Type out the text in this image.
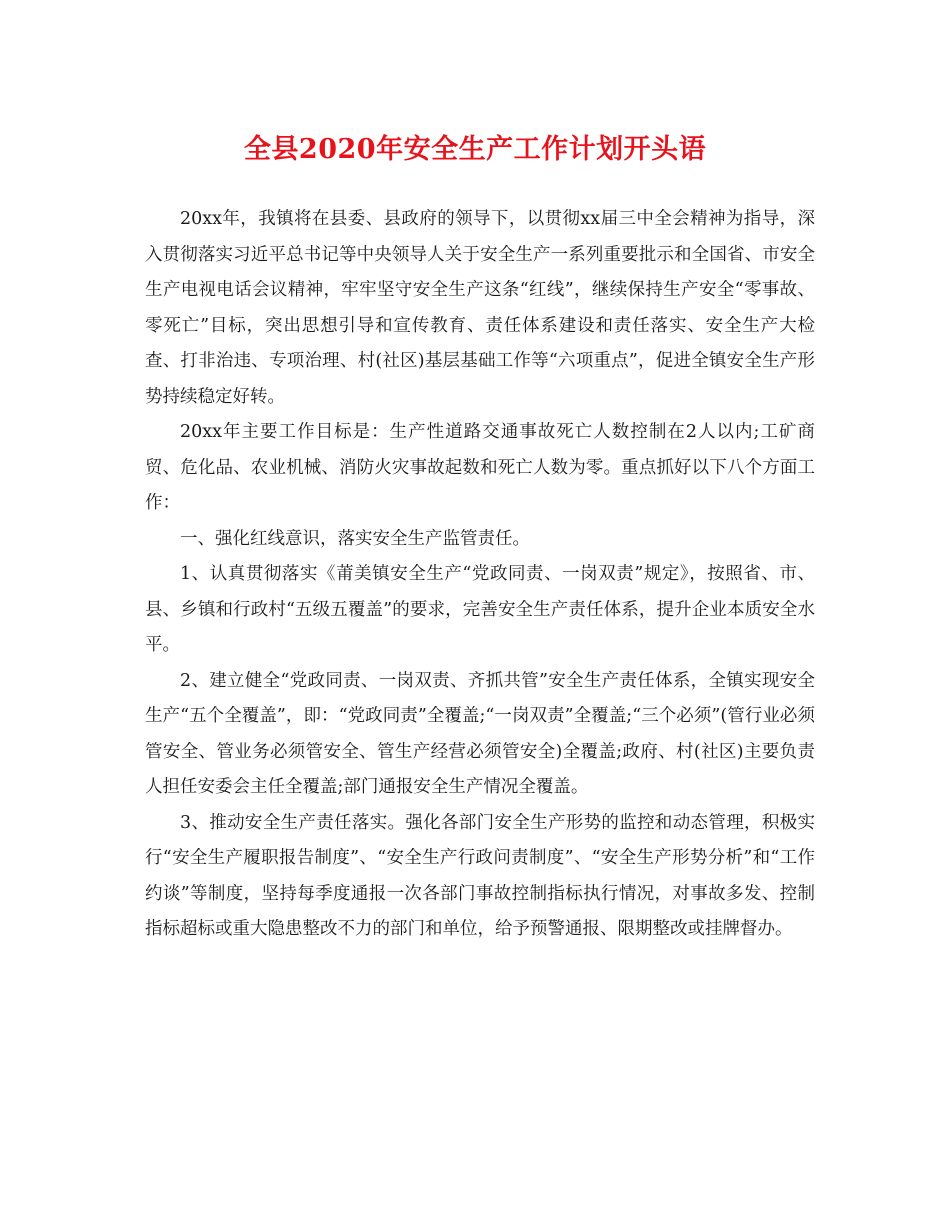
全县2020年安全生产工作计划开头语

20xx年，我镇将在县委、县政府的领导下，以贯彻xx届三中全会精神为指导，深入贯彻落实习近平总书记等中央领导人关于安全生产一系列重要批示和全国省、市安全生产电视电话会议精神，牢牢坚守安全生产这条“红线”，继续保持生产安全“零事故、零死亡”目标，突出思想引导和宣传教育、责任体系建设和责任落实、安全生产大检查、打非治违、专项治理、村(社区)基层基础工作等“六项重点”，促进全镇安全生产形势持续稳定好转。

20xx年主要工作目标是：生产性道路交通事故死亡人数控制在2人以内;工矿商贸、危化品、农业机械、消防火灾事故起数和死亡人数为零。重点抓好以下八个方面工作：

一、强化红线意识，落实安全生产监管责任。

1、认真贯彻落实《莆美镇安全生产“党政同责、一岗双责”规定》，按照省、市、县、乡镇和行政村“五级五覆盖”的要求，完善安全生产责任体系，提升企业本质安全水平。

2、建立健全“党政同责、一岗双责、齐抓共管”安全生产责任体系，全镇实现安全生产“五个全覆盖”，即：“党政同责”全覆盖;“一岗双责”全覆盖;“三个必须”(管行业必须管安全、管业务必须管安全、管生产经营必须管安全)全覆盖;政府、村(社区)主要负责人担任安委会主任全覆盖;部门通报安全生产情况全覆盖。

3、推动安全生产责任落实。强化各部门安全生产形势的监控和动态管理，积极实行“安全生产履职报告制度”、“安全生产行政问责制度”、“安全生产形势分析”和“工作约谈”等制度，坚持每季度通报一次各部门事故控制指标执行情况，对事故多发、控制指标超标或重大隐患整改不力的部门和单位，给予预警通报、限期整改或挂牌督办。
